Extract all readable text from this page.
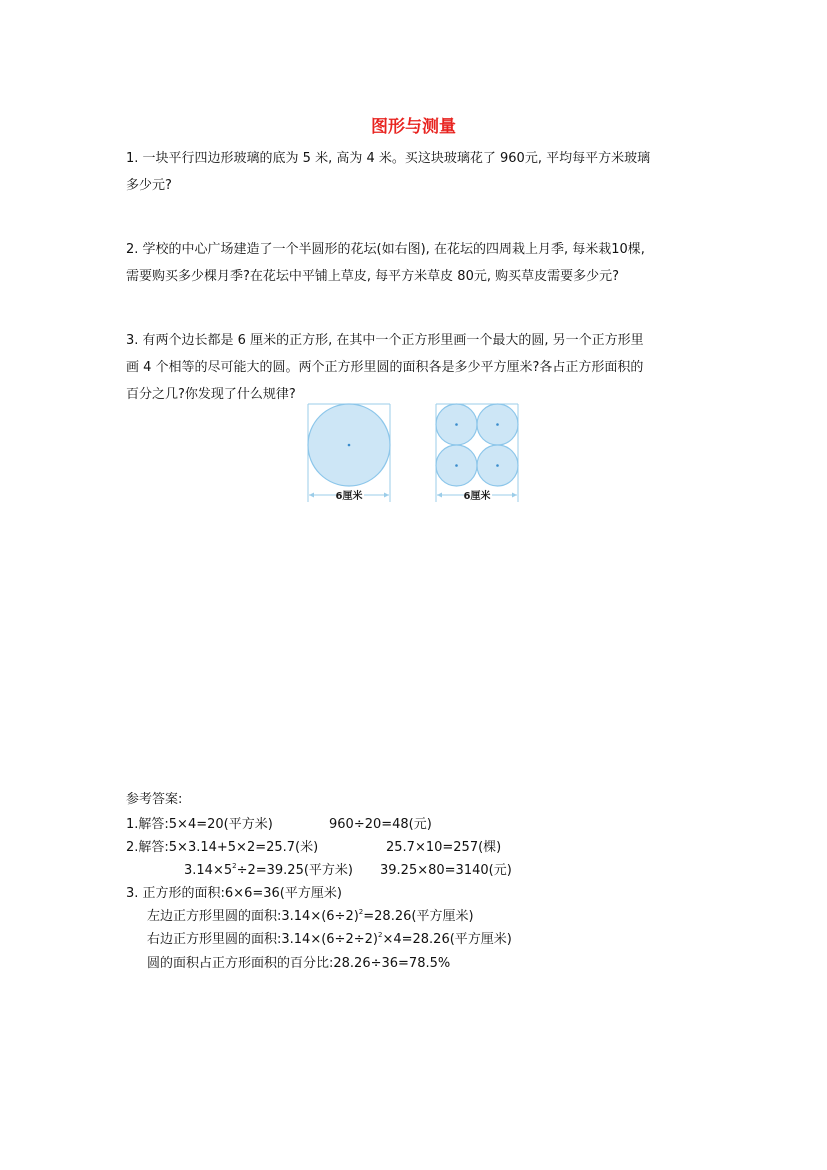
图形与测量
1. 一块平行四边形玻璃的底为 5 米, 高为 4 米。买这块玻璃花了 960元, 平均每平方米玻璃
多少元?
2. 学校的中心广场建造了一个半圆形的花坛(如右图), 在花坛的四周栽上月季, 每米栽10棵,
需要购买多少棵月季?在花坛中平铺上草皮, 每平方米草皮 80元, 购买草皮需要多少元?
3. 有两个边长都是 6 厘米的正方形, 在其中一个正方形里画一个最大的圆, 另一个正方形里
画 4 个相等的尽可能大的圆。两个正方形里圆的面积各是多少平方厘米?各占正方形面积的
百分之几?你发现了什么规律?
6厘米	6厘米
参考答案:
1.解答:5×4=20(平方米)	960÷20=48(元)
2.解答:5×3.14+5×2=25.7(米)	25.7×10=257(棵)
$3.14\times 5^2\div 2=39.25$(平方米) 39.25×80=3140(元)
3. 正方形的面积:6×6=36(平方厘米)
左边正方形里圆的面积$:3.14\times(6\div 2)^2=28.26$(平方厘米)
右边正方形里圆的面积$:3.14\times(6\div 2\div 2)^2\times 4=28.26$(平方厘米)
圆的面积占正方形面积的百分比:28.26÷36=78.5%
